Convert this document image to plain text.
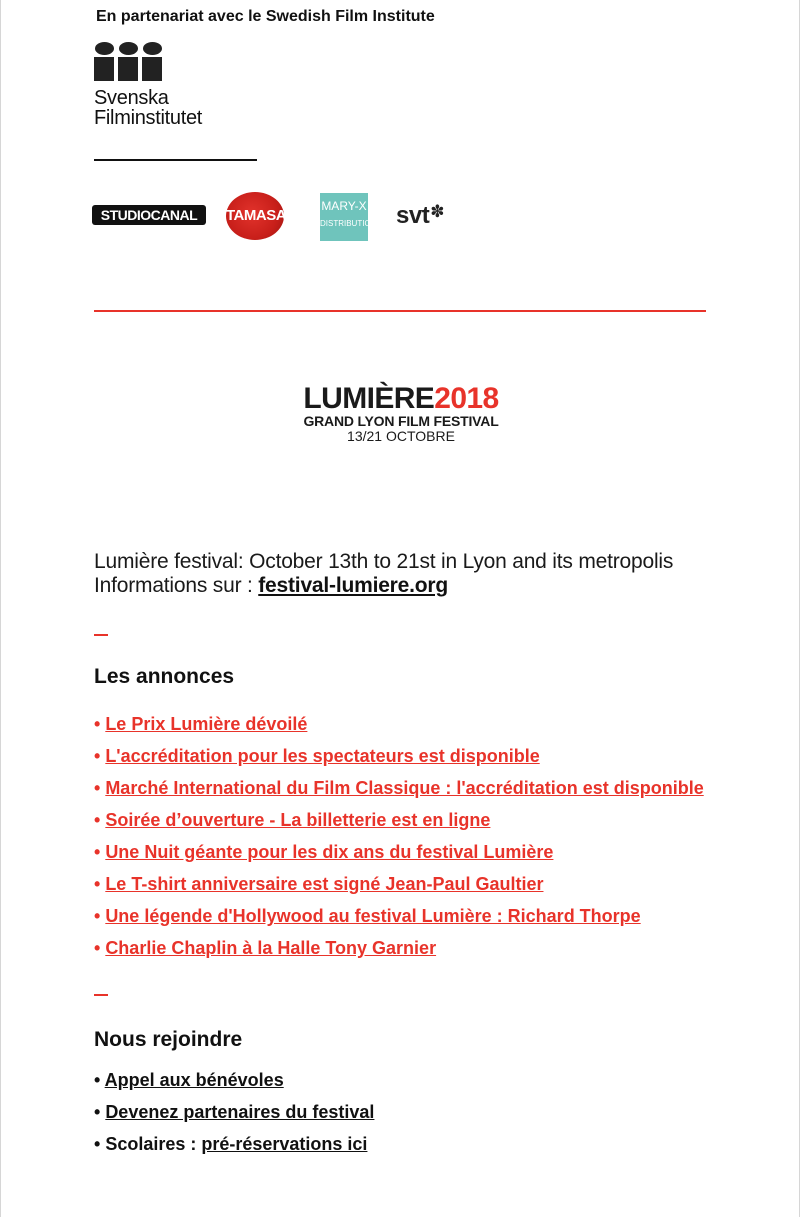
En partenariat avec le Swedish Film Institute
Svenska
Filminstitutet
STUDIOCANAL	TAMASA
MARY-X
DISTRIBUTION svt✽
LUMIÈRE2018
GRAND LYON FILM FESTIVAL
13/21 OCTOBRE
Lumière festival: October 13th to 21st in Lyon and its metropolis
Informations sur : festival-lumiere.org
Les annonces
• Le Prix Lumière dévoilé
• L'accréditation pour les spectateurs est disponible
• Marché International du Film Classique : l'accréditation est disponible
• Soirée d’ouverture - La billetterie est en ligne
• Une Nuit géante pour les dix ans du festival Lumière
• Le T-shirt anniversaire est signé Jean-Paul Gaultier
• Une légende d'Hollywood au festival Lumière : Richard Thorpe
• Charlie Chaplin à la Halle Tony Garnier
Nous rejoindre
• Appel aux bénévoles
• Devenez partenaires du festival
• Scolaires : pré-réservations ici
